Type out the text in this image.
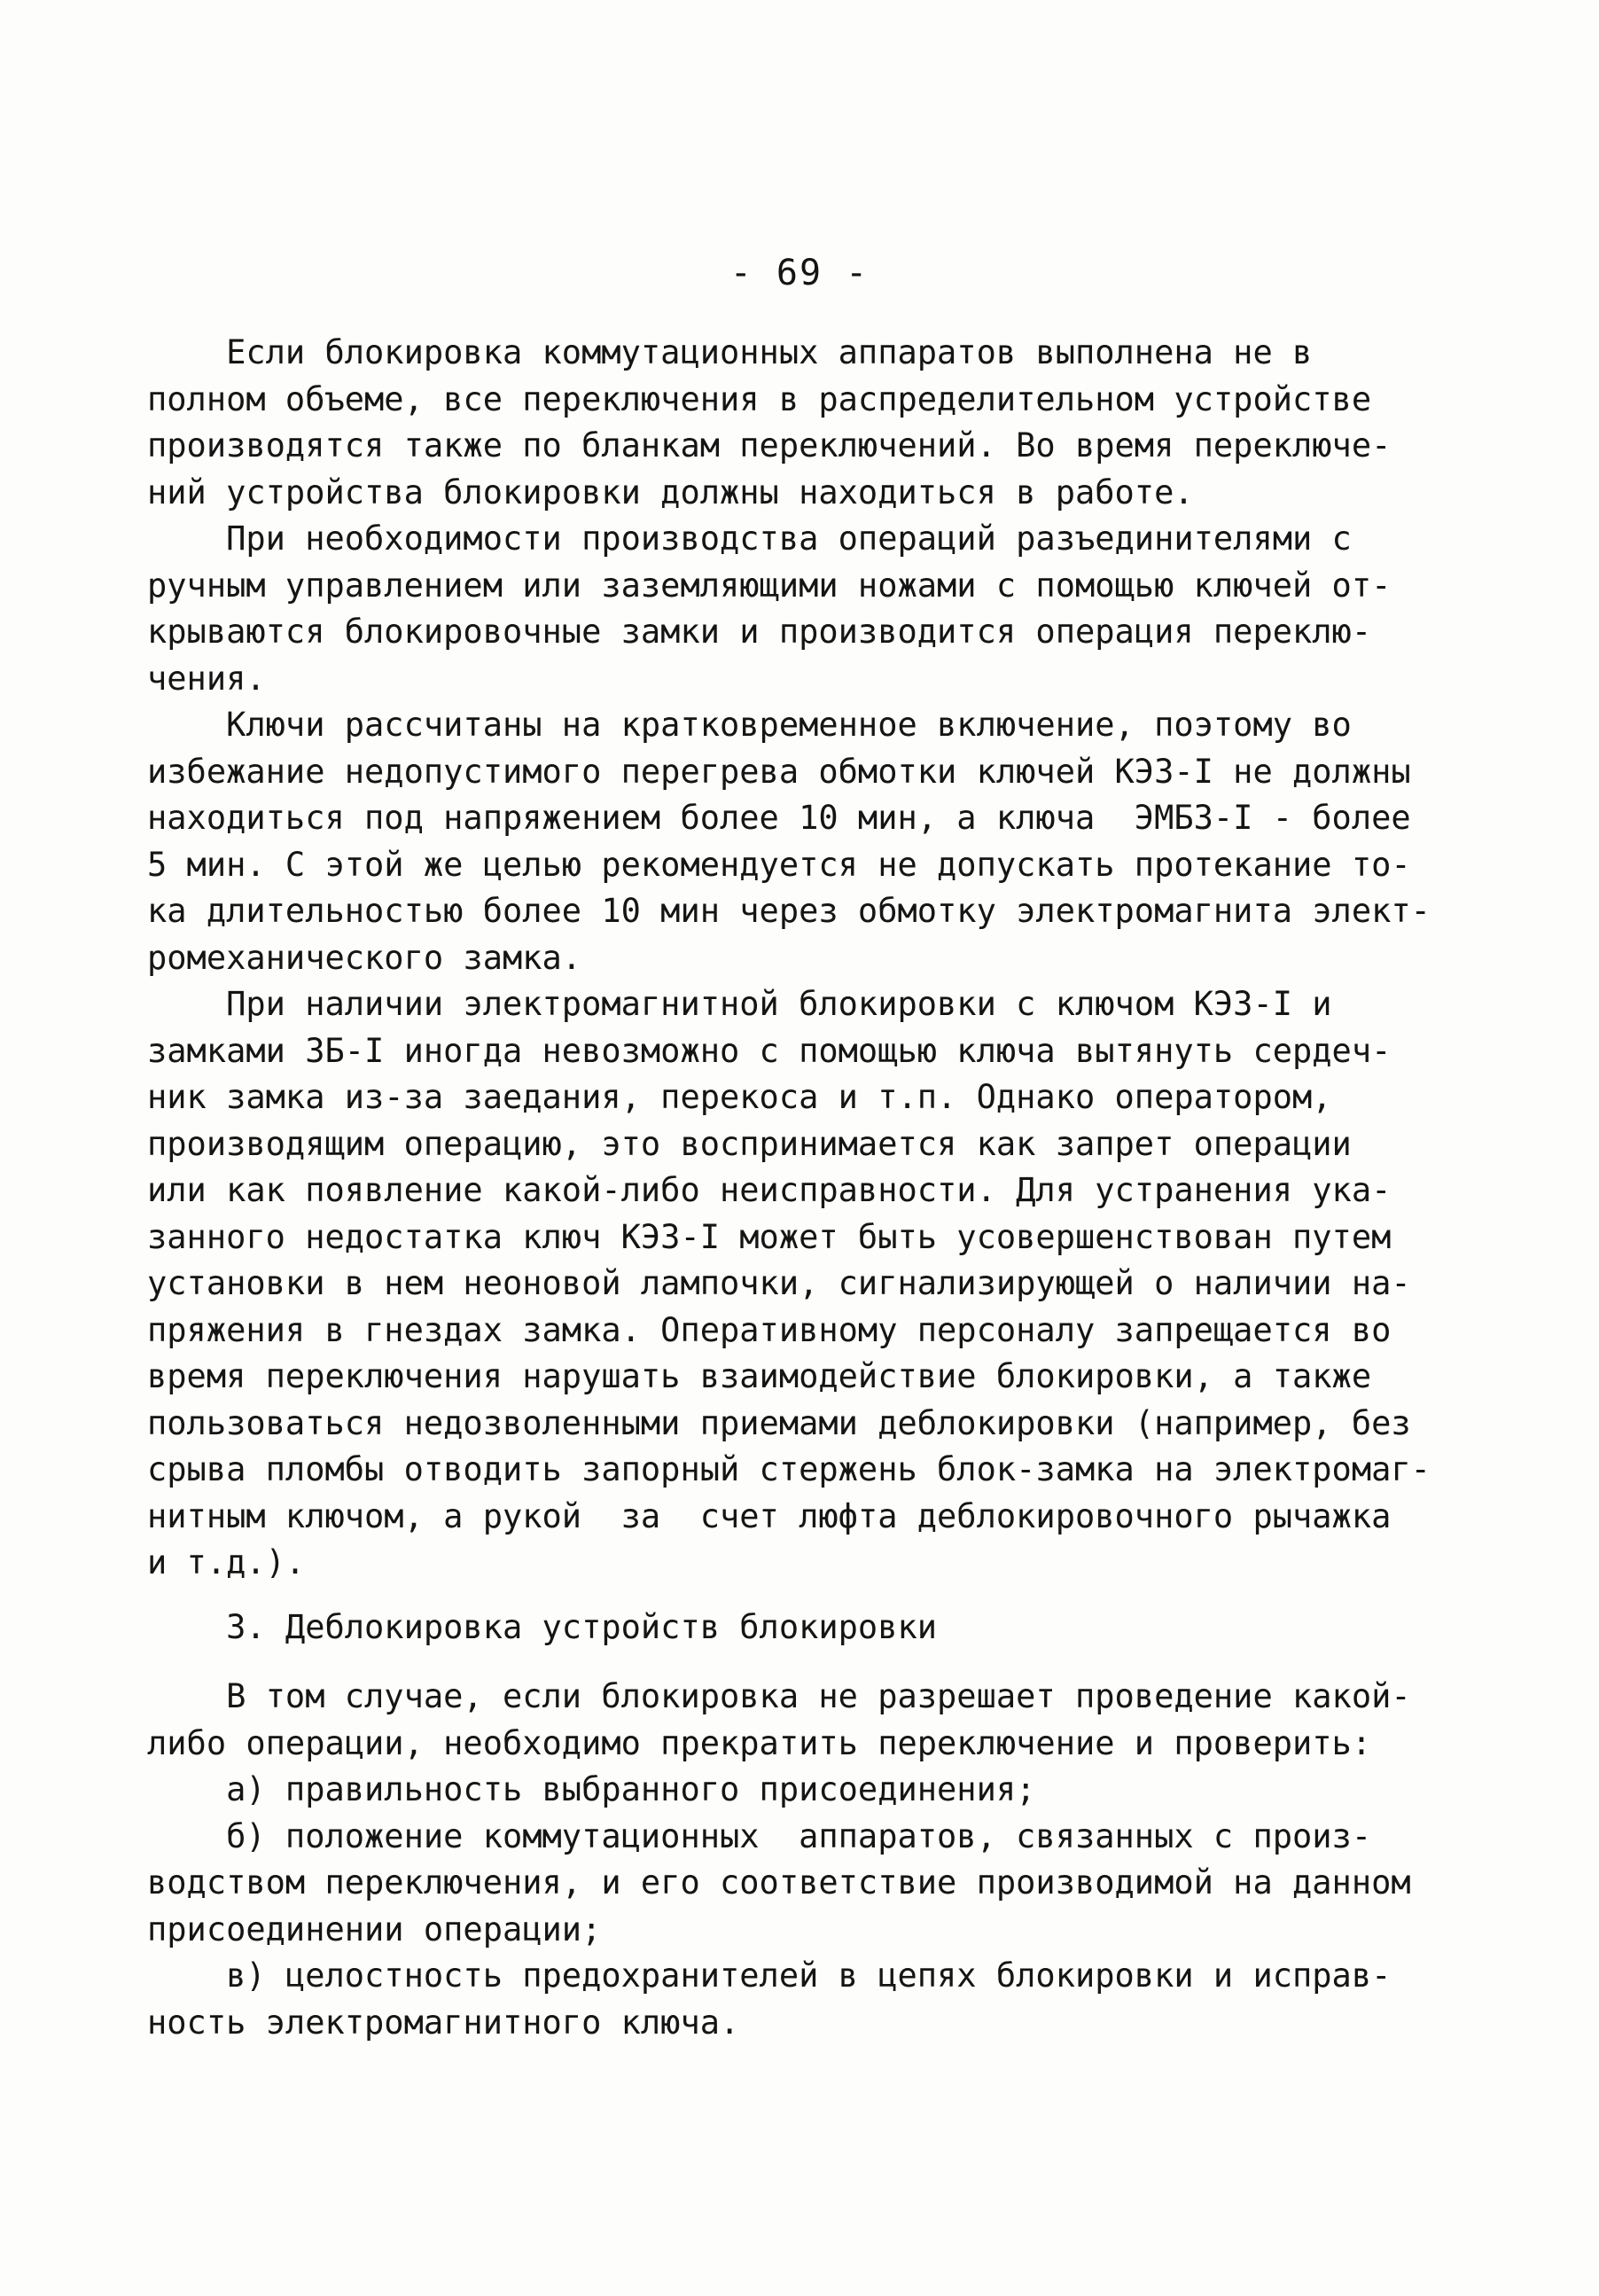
- 69 -
Если блокировка коммутационных аппаратов выполнена не в
полном объеме, все переключения в распределительном устройстве
производятся также по бланкам переключений. Во время переключе-
ний устройства блокировки должны находиться в работе.
При необходимости производства операций разъединителями с
ручным управлением или заземляющими ножами с помощью ключей от-
крываются блокировочные замки и производится операция переклю-
чения.
Ключи рассчитаны на кратковременное включение, поэтому во
избежание недопустимого перегрева обмотки ключей КЭЗ-I не должны
находиться под напряжением более 10 мин, а ключа  ЭМБЗ-I - более
5 мин. С этой же целью рекомендуется не допускать протекание то-
ка длительностью более 10 мин через обмотку электромагнита элект-
ромеханического замка.
При наличии электромагнитной блокировки с ключом КЭЗ-I и
замками ЗБ-I иногда невозможно с помощью ключа вытянуть сердеч-
ник замка из-за заедания, перекоса и т.п. Однако оператором,
производящим операцию, это воспринимается как запрет операции
или как появление какой-либо неисправности. Для устранения ука-
занного недостатка ключ КЭЗ-I может быть усовершенствован путем
установки в нем неоновой лампочки, сигнализирующей о наличии на-
пряжения в гнездах замка. Оперативному персоналу запрещается во
время переключения нарушать взаимодействие блокировки, а также
пользоваться недозволенными приемами деблокировки (например, без
срыва пломбы отводить запорный стержень блок-замка на электромаг-
нитным ключом, а рукой  за  счет люфта деблокировочного рычажка
и т.д.).
3. Деблокировка устройств блокировки
В том случае, если блокировка не разрешает проведение какой-
либо операции, необходимо прекратить переключение и проверить:
а) правильность выбранного присоединения;
б) положение коммутационных  аппаратов, связанных с произ-
водством переключения, и его соответствие производимой на данном
присоединении операции;
в) целостность предохранителей в цепях блокировки и исправ-
ность электромагнитного ключа.
